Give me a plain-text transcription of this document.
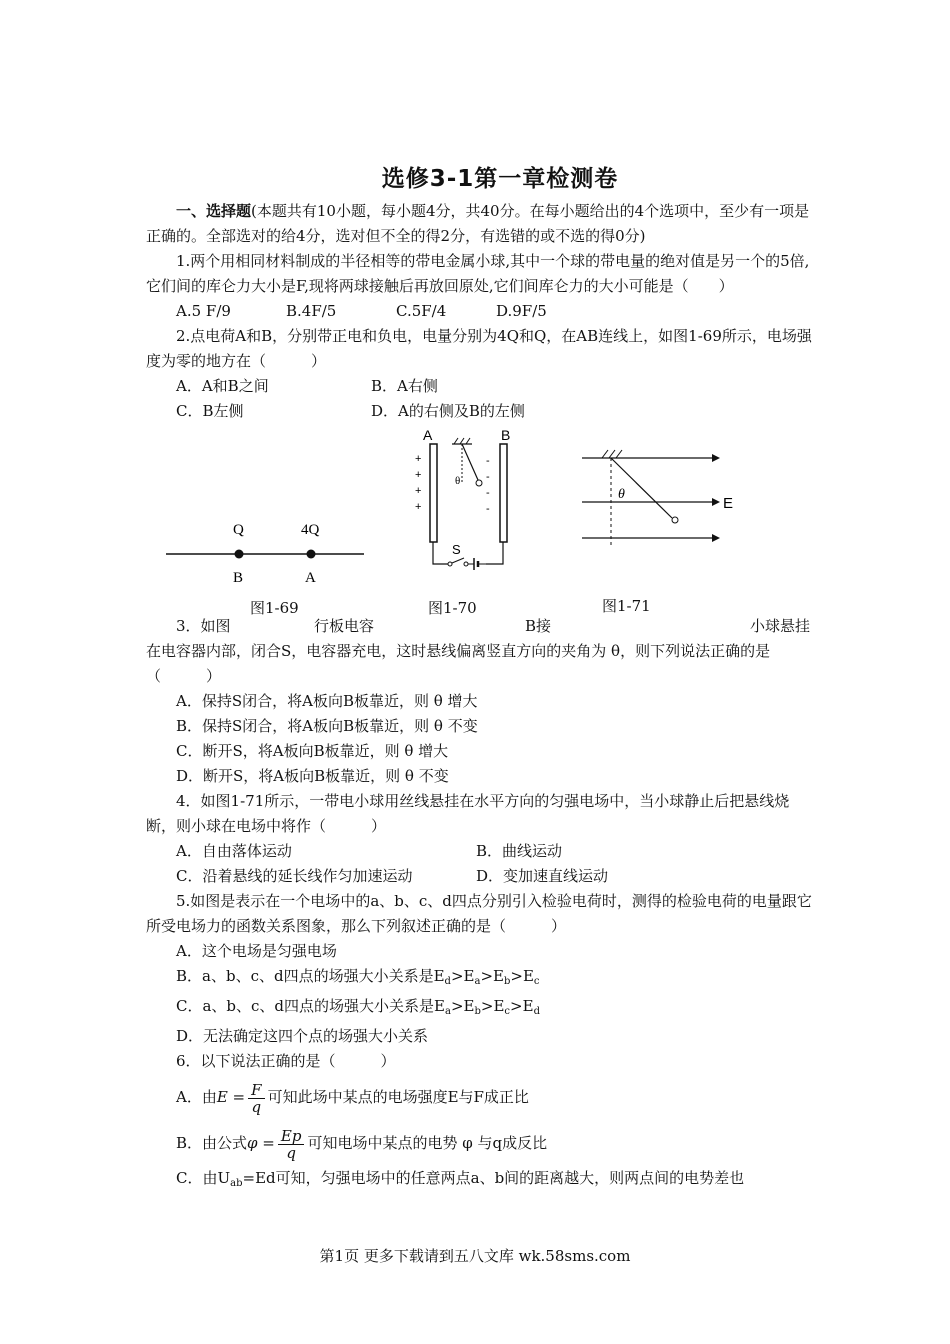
选修3-1第一章检测卷

一、选择题(本题共有10小题，每小题4分，共40分。在每小题给出的4个选项中，至少有一项是正确的。全部选对的给4分，选对但不全的得2分，有选错的或不选的得0分)

1.两个用相同材料制成的半径相等的带电金属小球,其中一个球的带电量的绝对值是另一个的5倍,它们间的库仑力大小是F,现将两球接触后再放回原处,它们间库仑力的大小可能是（　　）

A.5 F/9	B.4F/5	C.5F/4	D.9F/5

2.点电荷A和B，分别带正电和负电，电量分别为4Q和Q，在AB连线上，如图1-69所示，电场强度为零的地方在（　　　）

A．A和B之间	B．A右侧
C．B左侧	D．A的右侧及B的左侧
Q	4Q
B	A
A	B
+
+
+
+
-
-
-
-
θ
S
E
θ
图1-69	图1-70	图1-71
3．如图	行板电容	B接	小球悬挂

在电容器内部，闭合S，电容器充电，这时悬线偏离竖直方向的夹角为 θ，则下列说法正确的是（　　　）

A．保持S闭合，将A板向B板靠近，则 θ 增大
B．保持S闭合，将A板向B板靠近，则 θ 不变
C．断开S，将A板向B板靠近，则 θ 增大
D．断开S，将A板向B板靠近，则 θ 不变

4．如图1-71所示，一带电小球用丝线悬挂在水平方向的匀强电场中，当小球静止后把悬线烧断，则小球在电场中将作（　　　）

A．自由落体运动	B．曲线运动
C．沿着悬线的延长线作匀加速运动	D．变加速直线运动

5.如图是表示在一个电场中的a、b、c、d四点分别引入检验电荷时，测得的检验电荷的电量跟它所受电场力的函数关系图象，那么下列叙述正确的是（　　　）

A．这个电场是匀强电场
B．a、b、c、d四点的场强大小关系是$E_d>E_a>E_b>E_c$
C．a、b、c、d四点的场强大小关系是$E_a>E_b>E_c>E_d$
D．无法确定这四个点的场强大小关系

6．以下说法正确的是（　　　）

A．由$E = \frac{F}{q}$ 可知此场中某点的电场强度E与F成正比
B．由公式$\varphi = \frac{Ep}{q}$ 可知电场中某点的电势 φ 与q成反比
C．由$U_{ab}=Ed$可知，匀强电场中的任意两点a、b间的距离越大，则两点间的电势差也
第1页 更多下载请到五八文库 wk.58sms.com
